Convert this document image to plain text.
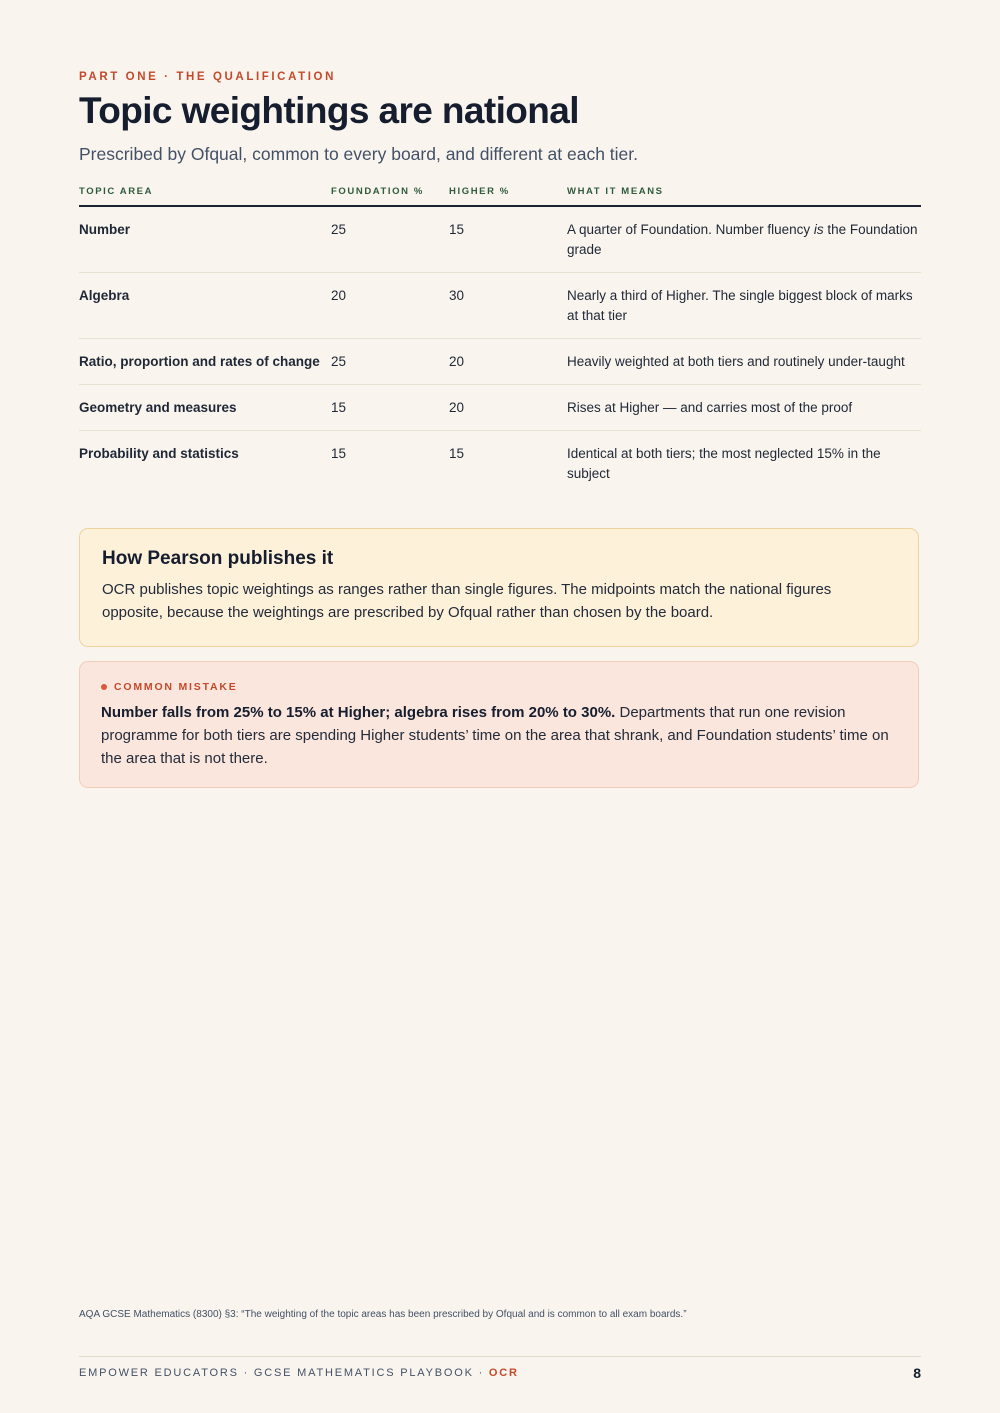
PART ONE · THE QUALIFICATION
Topic weightings are national

Prescribed by Ofqual, common to every board, and different at each tier.

TOPIC AREA	FOUNDATION %	HIGHER %	WHAT IT MEANS
Number	25	15	A quarter of Foundation. Number fluency is the Foundation grade
Algebra	20	30	Nearly a third of Higher. The single biggest block of marks at that tier
Ratio, proportion and rates of change	25	20	Heavily weighted at both tiers and routinely under-taught
Geometry and measures	15	20	Rises at Higher — and carries most of the proof
Probability and statistics	15	15	Identical at both tiers; the most neglected 15% in the subject
How Pearson publishes it

OCR publishes topic weightings as ranges rather than single figures. The midpoints match the national figures opposite, because the weightings are prescribed by Ofqual rather than chosen by the board.

COMMON MISTAKE

Number falls from 25% to 15% at Higher; algebra rises from 20% to 30%. Departments that run one revision programme for both tiers are spending Higher students’ time on the area that shrank, and Foundation students’ time on the area that is not there.

AQA GCSE Mathematics (8300) §3: “The weighting of the topic areas has been prescribed by Ofqual and is common to all exam boards.”
EMPOWER EDUCATORS · GCSE MATHEMATICS PLAYBOOK · OCR	8
